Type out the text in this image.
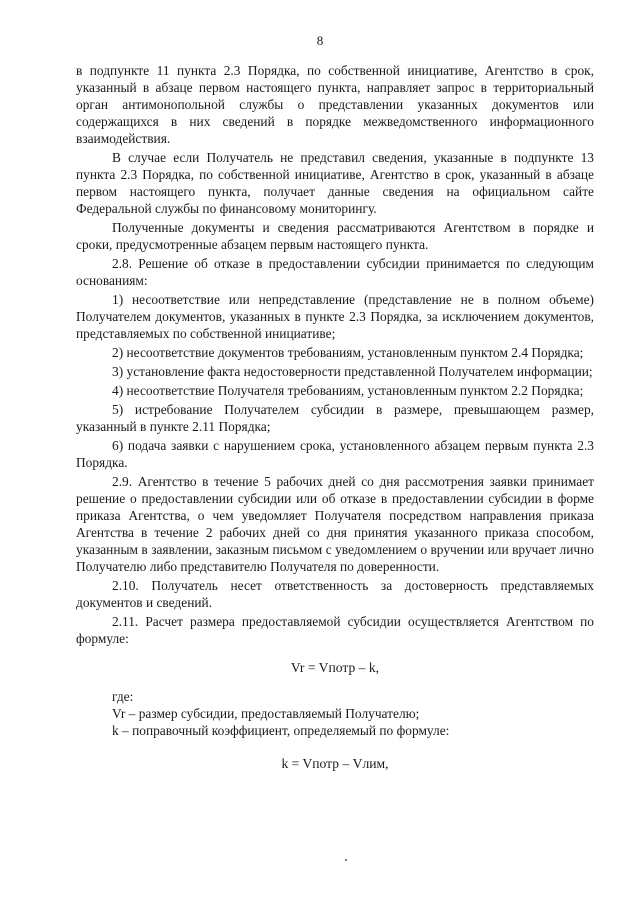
8

в подпункте 11 пункта 2.3 Порядка, по собственной инициативе, Агентство в срок, указанный в абзаце первом настоящего пункта, направляет запрос в территориальный орган антимонопольной службы о представлении указанных документов или содержащихся в них сведений в порядке межведомственного информационного взаимодействия.

В случае если Получатель не представил сведения, указанные в подпункте 13 пункта 2.3 Порядка, по собственной инициативе, Агентство в срок, указанный в абзаце первом настоящего пункта, получает данные сведения на официальном сайте Федеральной службы по финансовому мониторингу.

Полученные документы и сведения рассматриваются Агентством в порядке и сроки, предусмотренные абзацем первым настоящего пункта.

2.8. Решение об отказе в предоставлении субсидии принимается по следующим основаниям:

1) несоответствие или непредставление (представление не в полном объеме) Получателем документов, указанных в пункте 2.3 Порядка, за исключением документов, представляемых по собственной инициативе;

2) несоответствие документов требованиям, установленным пунктом 2.4 Порядка;

3) установление факта недостоверности представленной Получателем информации;

4) несоответствие Получателя требованиям, установленным пунктом 2.2 Порядка;

5) истребование Получателем субсидии в размере, превышающем размер, указанный в пункте 2.11 Порядка;

6) подача заявки с нарушением срока, установленного абзацем первым пункта 2.3 Порядка.

2.9. Агентство в течение 5 рабочих дней со дня рассмотрения заявки принимает решение о предоставлении субсидии или об отказе в предоставлении субсидии в форме приказа Агентства, о чем уведомляет Получателя посредством направления приказа Агентства в течение 2 рабочих дней со дня принятия указанного приказа способом, указанным в заявлении, заказным письмом с уведомлением о вручении или вручает лично Получателю либо представителю Получателя по доверенности.

2.10. Получатель несет ответственность за достоверность представляемых документов и сведений.

2.11. Расчет размера предоставляемой субсидии осуществляется Агентством по формуле:

Vr = Vпотр – k,

где:

Vr – размер субсидии, предоставляемый Получателю;

k – поправочный коэффициент, определяемый по формуле:

k = Vпотр – Vлим,
